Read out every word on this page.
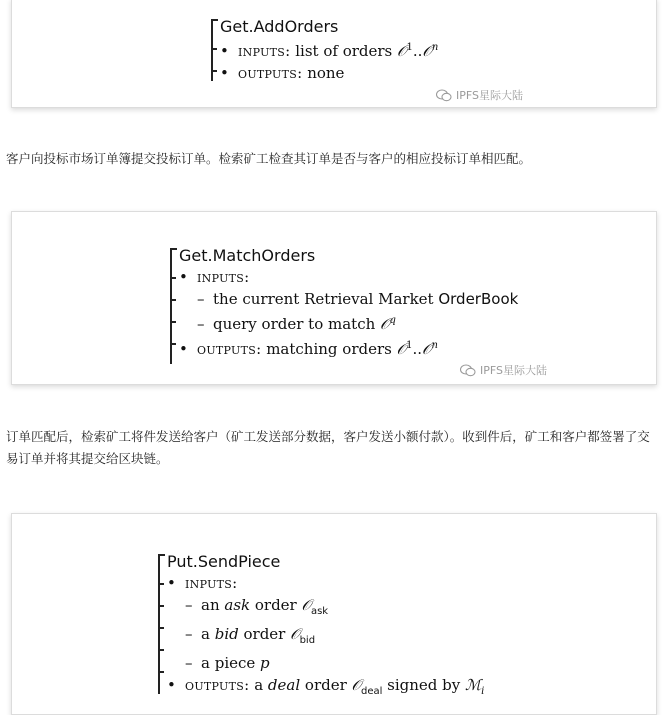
Get.AddOrders
• inputs: list of orders 𝒪$^1$..𝒪$^n$
• outputs: none
IPFS星际大陆
客户向投标市场订单簿提交投标订单。检索矿工检查其订单是否与客户的相应投标订单相匹配。
Get.MatchOrders
• inputs:
– the current Retrieval Market OrderBook
– query order to match 𝒪$^q$
• outputs: matching orders 𝒪$^1$..𝒪$^n$
IPFS星际大陆
订单匹配后，检索矿工将件发送给客户（矿工发送部分数据，客户发送小额付款）。收到件后，矿工和客户都签署了交易订单并将其提交给区块链。
Put.SendPiece
• inputs:
– an ask order 𝒪$_{ask}$
– a bid order 𝒪$_{bid}$
– a piece p
• outputs: a deal order 𝒪$_{deal}$ signed by ℳ$_i$
